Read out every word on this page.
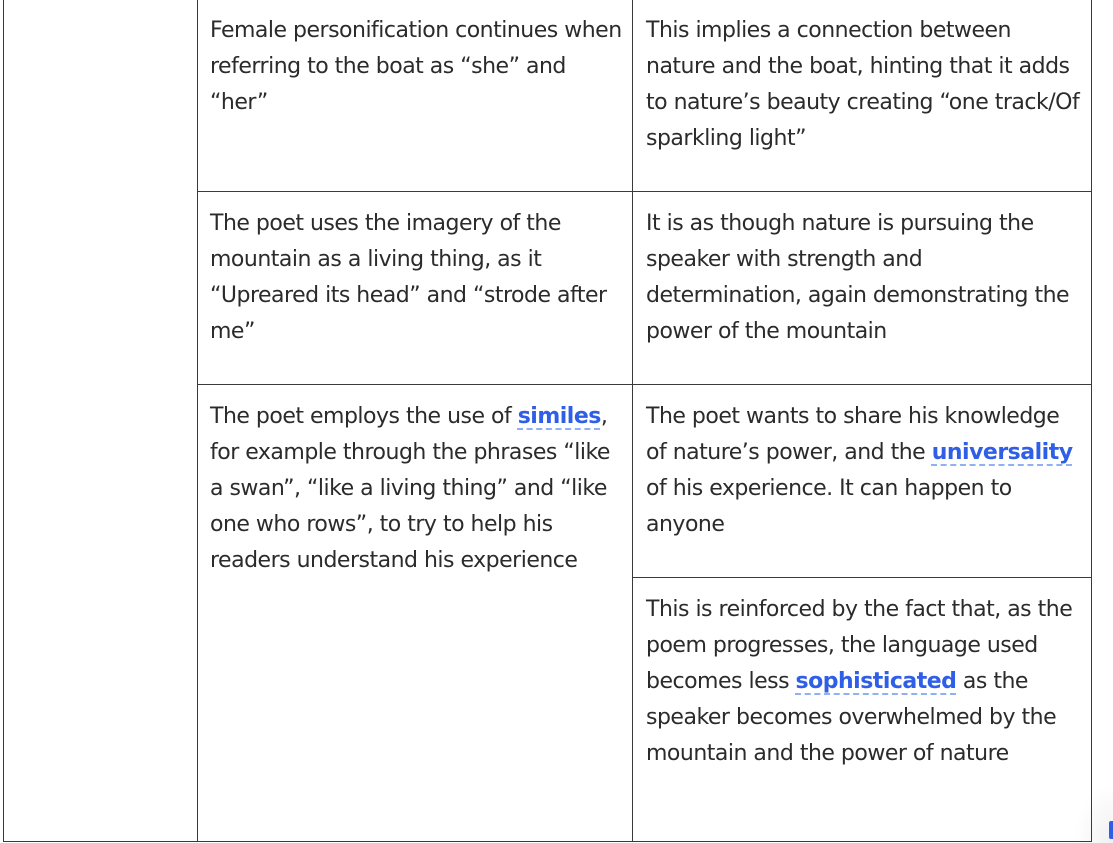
Female personification continues when referring to the boat as “she” and “her”

This implies a connection between nature and the boat, hinting that it adds to nature’s beauty creating “one track/Of sparkling light”

The poet uses the imagery of the mountain as a living thing, as it “Upreared its head” and “strode after me”

It is as though nature is pursuing the speaker with strength and determination, again demonstrating the power of the mountain

The poet employs the use of similes, for example through the phrases “like a swan”, “like a living thing” and “like one who rows”, to try to help his readers understand his experience

The poet wants to share his knowledge of nature’s power, and the universality of his experience. It can happen to anyone

This is reinforced by the fact that, as the poem progresses, the language used becomes less sophisticated as the speaker becomes overwhelmed by the mountain and the power of nature
